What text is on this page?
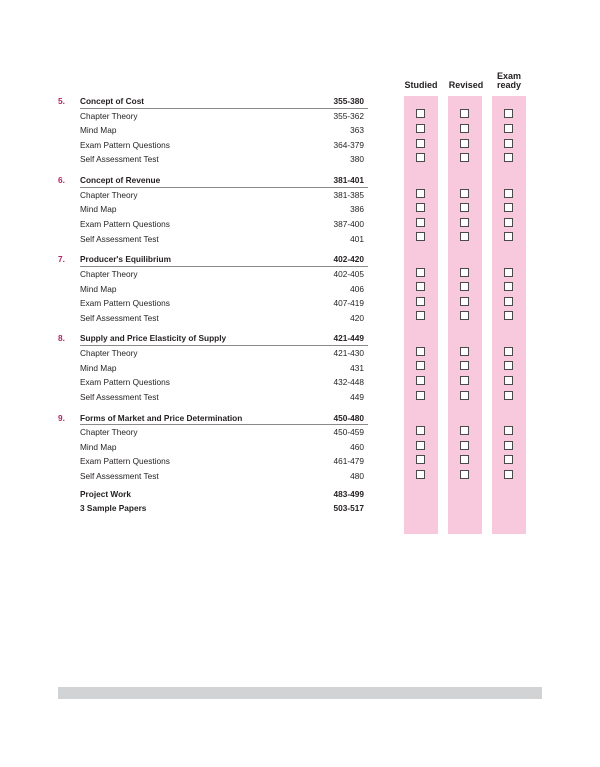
Studied Revised
Exam
ready
5.	Concept of Cost	355-380
Chapter Theory	355-362
Mind Map	363
Exam Pattern Questions	364-379
Self Assessment Test	380
6.	Concept of Revenue	381-401
Chapter Theory	381-385
Mind Map	386
Exam Pattern Questions	387-400
Self Assessment Test	401
7.	Producer's Equilibrium	402-420
Chapter Theory	402-405
Mind Map	406
Exam Pattern Questions	407-419
Self Assessment Test	420
8.	Supply and Price Elasticity of Supply	421-449
Chapter Theory	421-430
Mind Map	431
Exam Pattern Questions	432-448
Self Assessment Test	449
9.	Forms of Market and Price Determination	450-480
Chapter Theory	450-459
Mind Map	460
Exam Pattern Questions	461-479
Self Assessment Test	480
Project Work	483-499
3 Sample Papers	503-517
